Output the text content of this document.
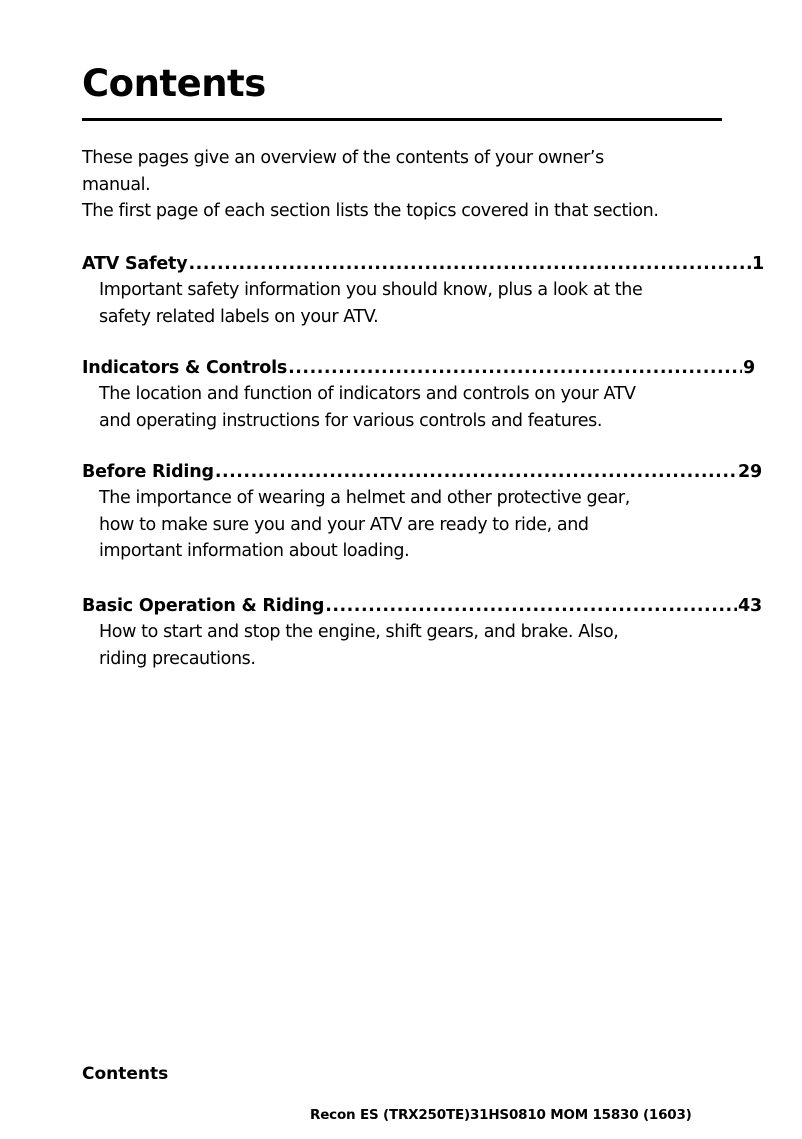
Contents
These pages give an overview of the contents of your owner’s
manual.
The first page of each section lists the topics covered in that section.
ATV Safety .....	1
Important safety information you should know, plus a look at the
safety related labels on your ATV.
Indicators & Controls .....	9
The location and function of indicators and controls on your ATV
and operating instructions for various controls and features.
Before Riding .....	29
The importance of wearing a helmet and other protective gear,
how to make sure you and your ATV are ready to ride, and
important information about loading.
Basic Operation & Riding .....	43
How to start and stop the engine, shift gears, and brake. Also,
riding precautions.
Contents
Recon ES (TRX250TE)31HS0810 MOM 15830 (1603)
